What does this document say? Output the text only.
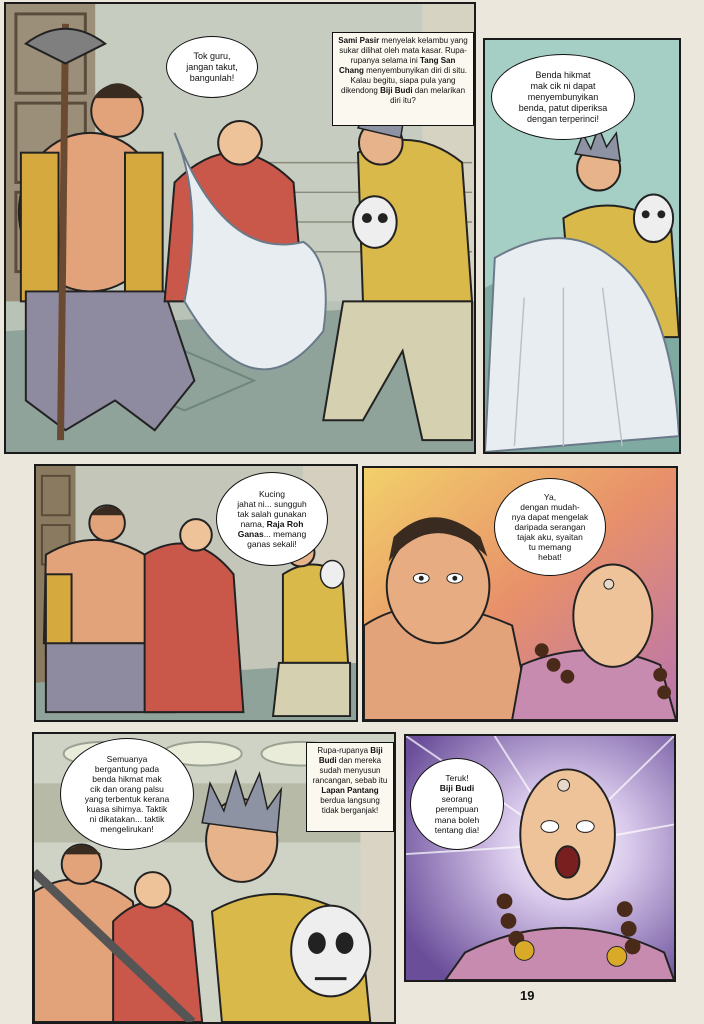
Tok guru,
jangan takut,
bangunlah!
Sami Pasir menyelak kelambu yang sukar dilihat oleh mata kasar. Rupa-rupanya selama ini Tang San Chang menyembunyikan diri di situ. Kalau begitu, siapa pula yang dikendong Biji Budi dan melarikan diri itu?
Benda hikmat
mak cik ni dapat
menyembunyikan
benda, patut diperiksa
dengan terperinci!
Kucing
jahat ni... sungguh
tak salah gunakan
nama, Raja Roh
Ganas... memang
ganas sekali!
Ya,
dengan mudah-
nya dapat mengelak
daripada serangan
tajak aku, syaitan
tu memang
hebat!
Semuanya
bergantung pada
benda hikmat mak
cik dan orang palsu
yang terbentuk kerana
kuasa sihirnya. Taktik
ni dikatakan... taktik
mengelirukan!
Rupa-rupanya Biji Budi dan mereka sudah menyusun rancangan, sebab itu Lapan Pantang berdua langsung tidak berganjak!
Teruk!
Biji Budi
seorang
perempuan
mana boleh
tentang dia!
19
